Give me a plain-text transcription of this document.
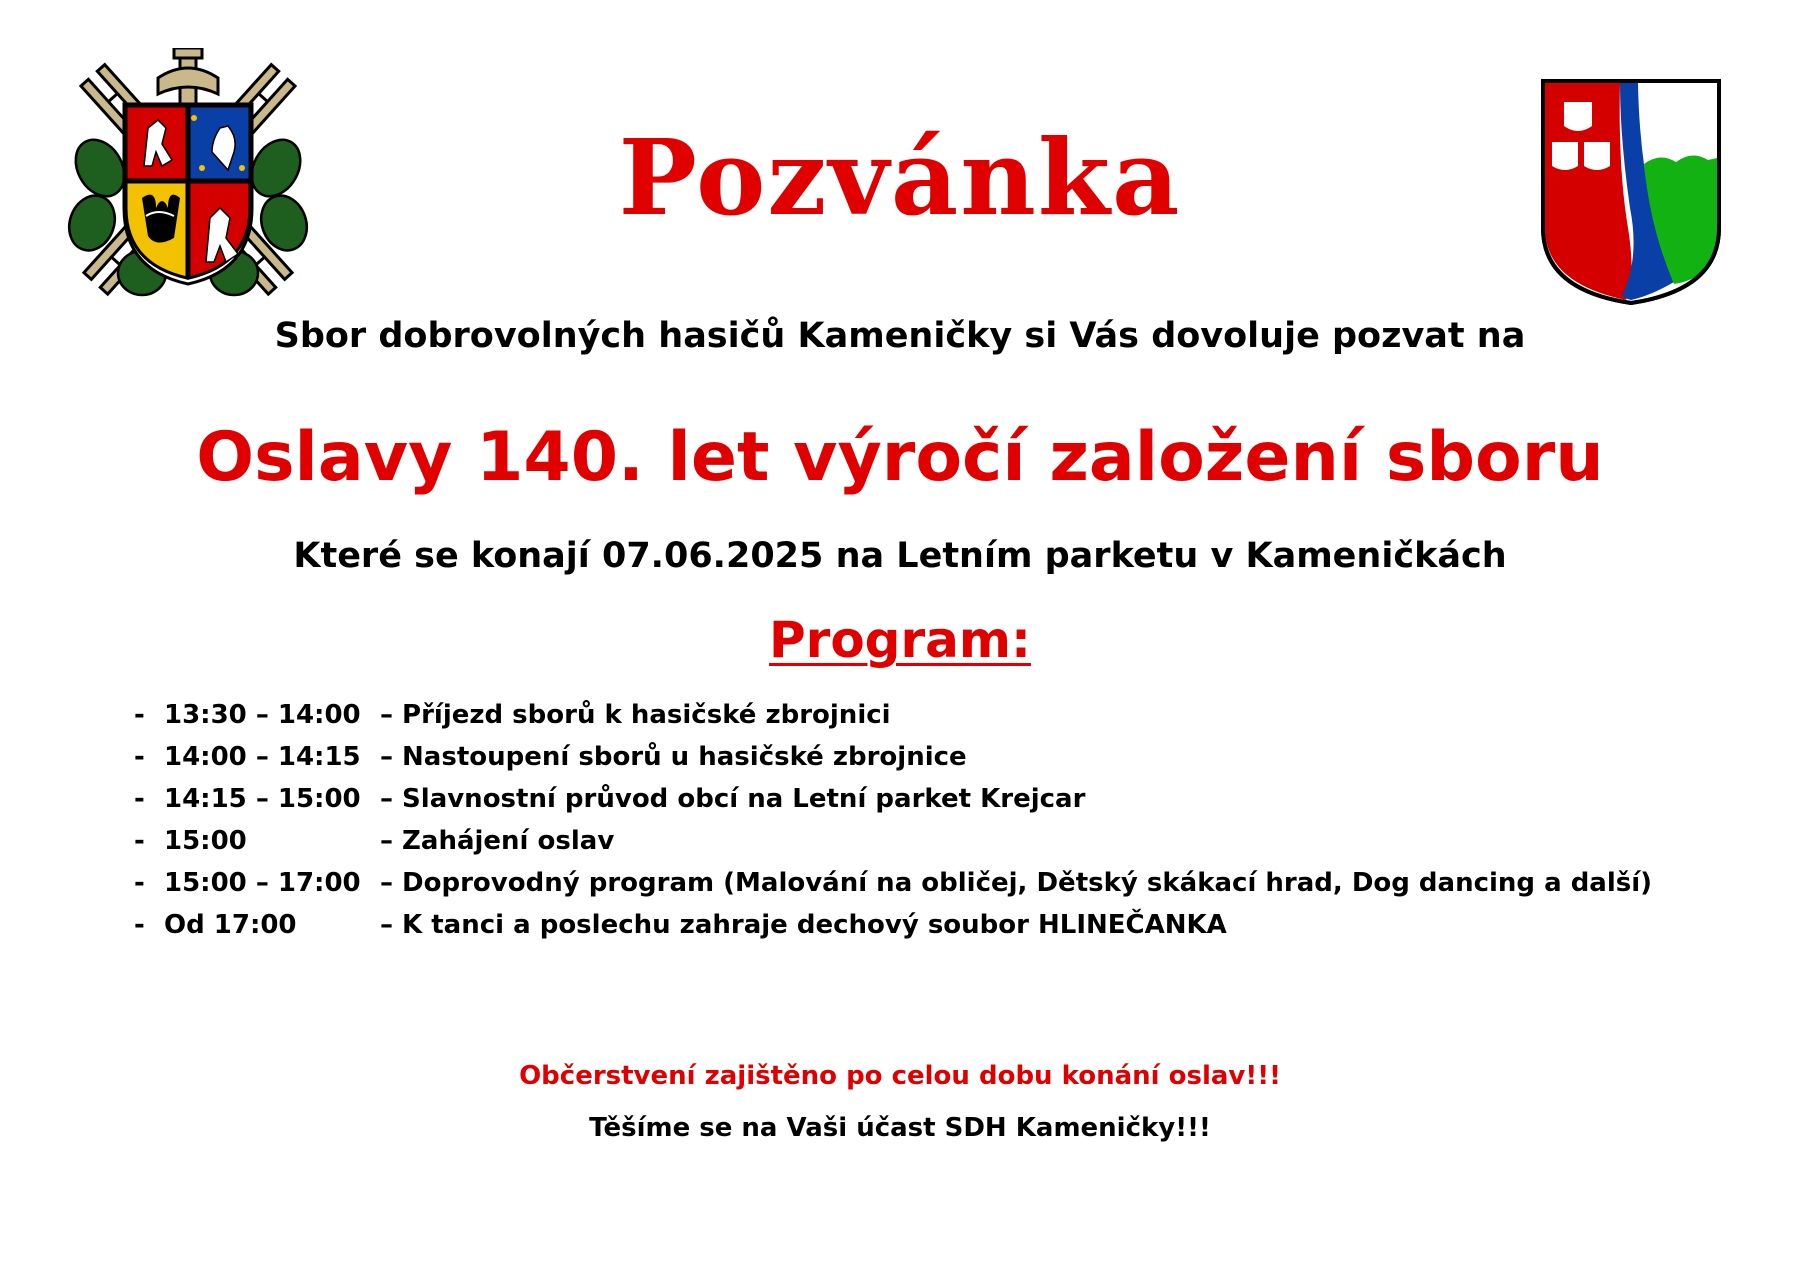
Pozvánka
Sbor dobrovolných hasičů Kameničky si Vás dovoluje pozvat na
Oslavy 140. let výročí založení sboru
Které se konají 07.06.2025 na Letním parketu v Kameničkách
Program:
- 13:30 – 14:00 – Příjezd sborů k hasičské zbrojnici
- 14:00 – 14:15 – Nastoupení sborů u hasičské zbrojnice
- 14:15 – 15:00 – Slavnostní průvod obcí na Letní parket Krejcar
- 15:00	– Zahájení oslav
- 15:00 – 17:00 – Doprovodný program (Malování na obličej, Dětský skákací hrad, Dog dancing a další)
- Od 17:00	– K tanci a poslechu zahraje dechový soubor HLINEČANKA
Občerstvení zajištěno po celou dobu konání oslav!!!
Těšíme se na Vaši účast SDH Kameničky!!!
